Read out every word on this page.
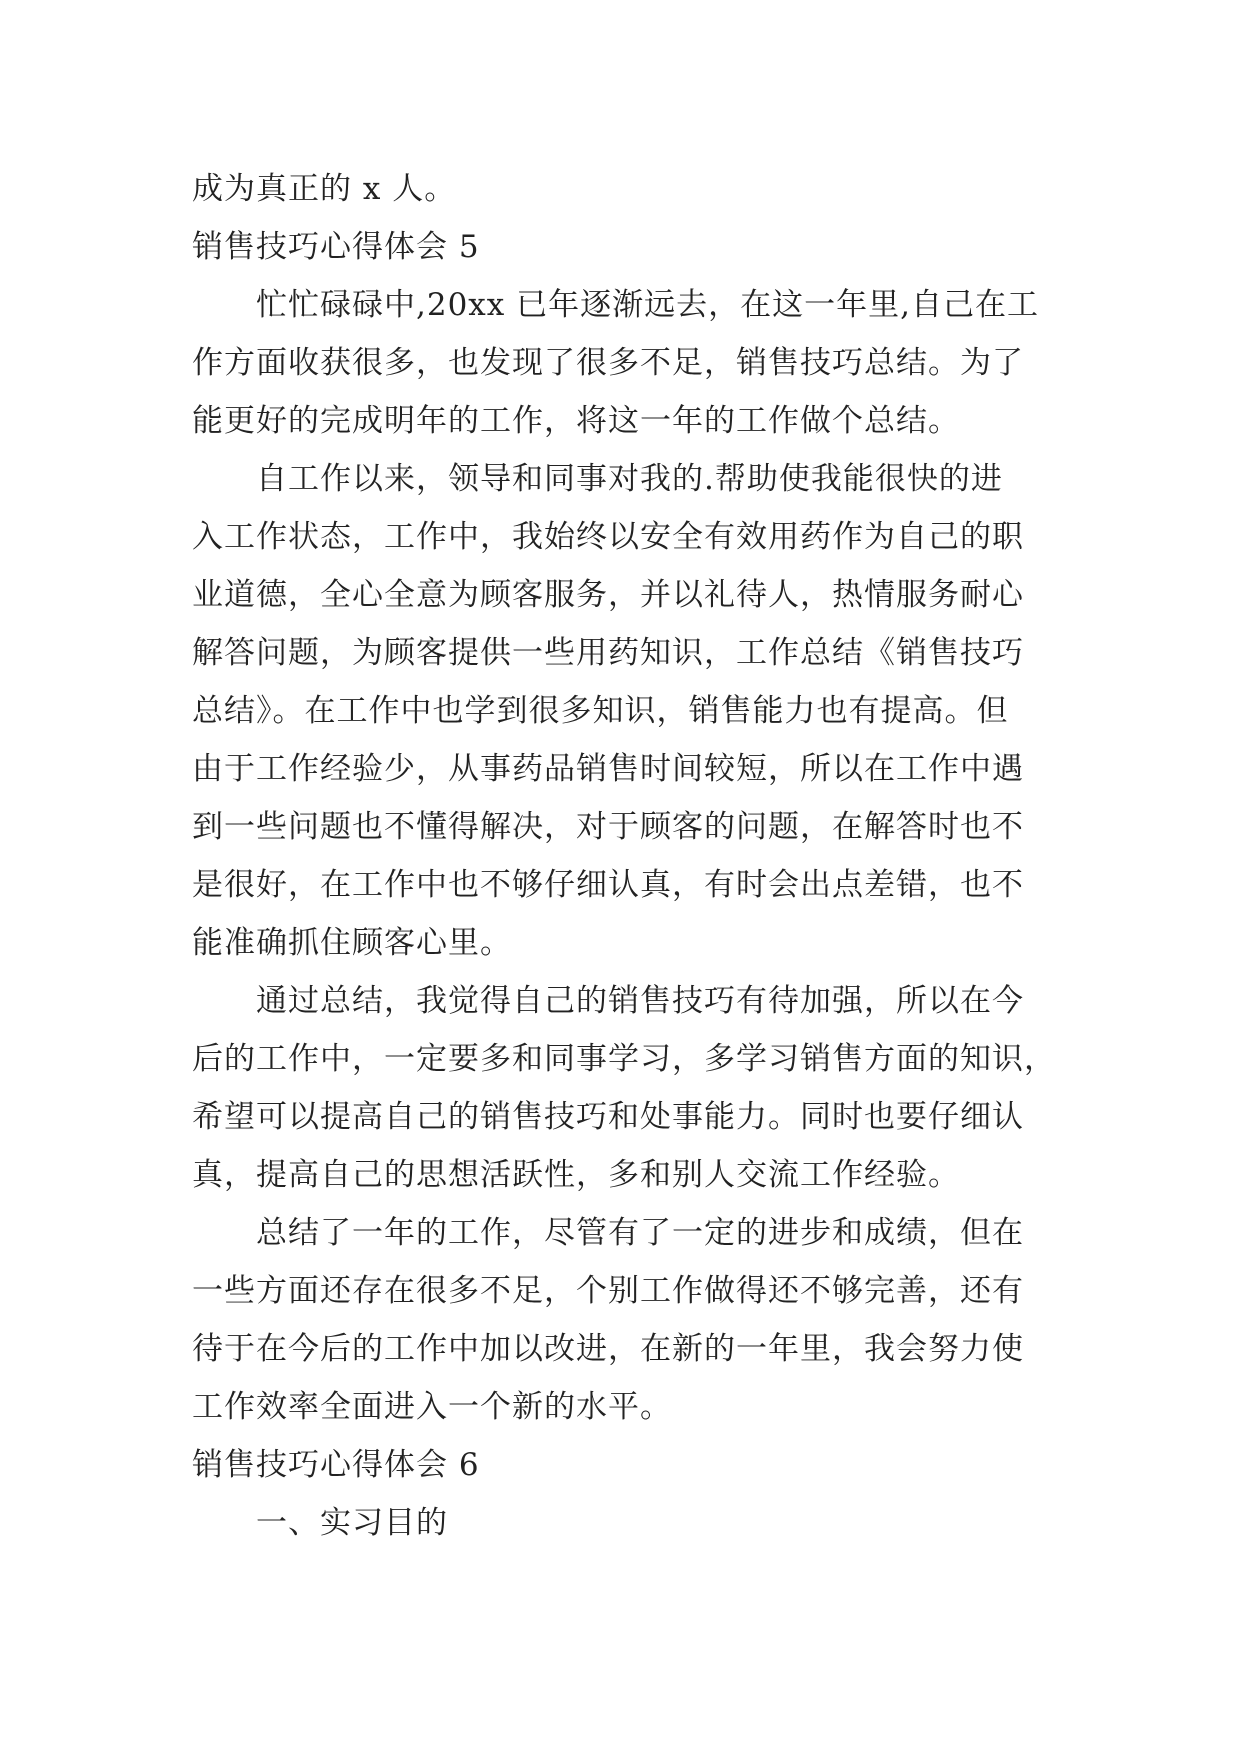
成为真正的 x 人。
销售技巧心得体会 5
忙忙碌碌中,20xx 已年逐渐远去，在这一年里,自己在工
作方面收获很多，也发现了很多不足，销售技巧总结。为了
能更好的完成明年的工作，将这一年的工作做个总结。
自工作以来，领导和同事对我的.帮助使我能很快的进
入工作状态，工作中，我始终以安全有效用药作为自己的职
业道德，全心全意为顾客服务，并以礼待人，热情服务耐心
解答问题，为顾客提供一些用药知识，工作总结《销售技巧
总结》。在工作中也学到很多知识，销售能力也有提高。但
由于工作经验少，从事药品销售时间较短，所以在工作中遇
到一些问题也不懂得解决，对于顾客的问题，在解答时也不
是很好，在工作中也不够仔细认真，有时会出点差错，也不
能准确抓住顾客心里。
通过总结，我觉得自己的销售技巧有待加强，所以在今
后的工作中，一定要多和同事学习，多学习销售方面的知识，
希望可以提高自己的销售技巧和处事能力。同时也要仔细认
真，提高自己的思想活跃性，多和别人交流工作经验。
总结了一年的工作，尽管有了一定的进步和成绩，但在
一些方面还存在很多不足，个别工作做得还不够完善，还有
待于在今后的工作中加以改进，在新的一年里，我会努力使
工作效率全面进入一个新的水平。
销售技巧心得体会 6
一、实习目的
